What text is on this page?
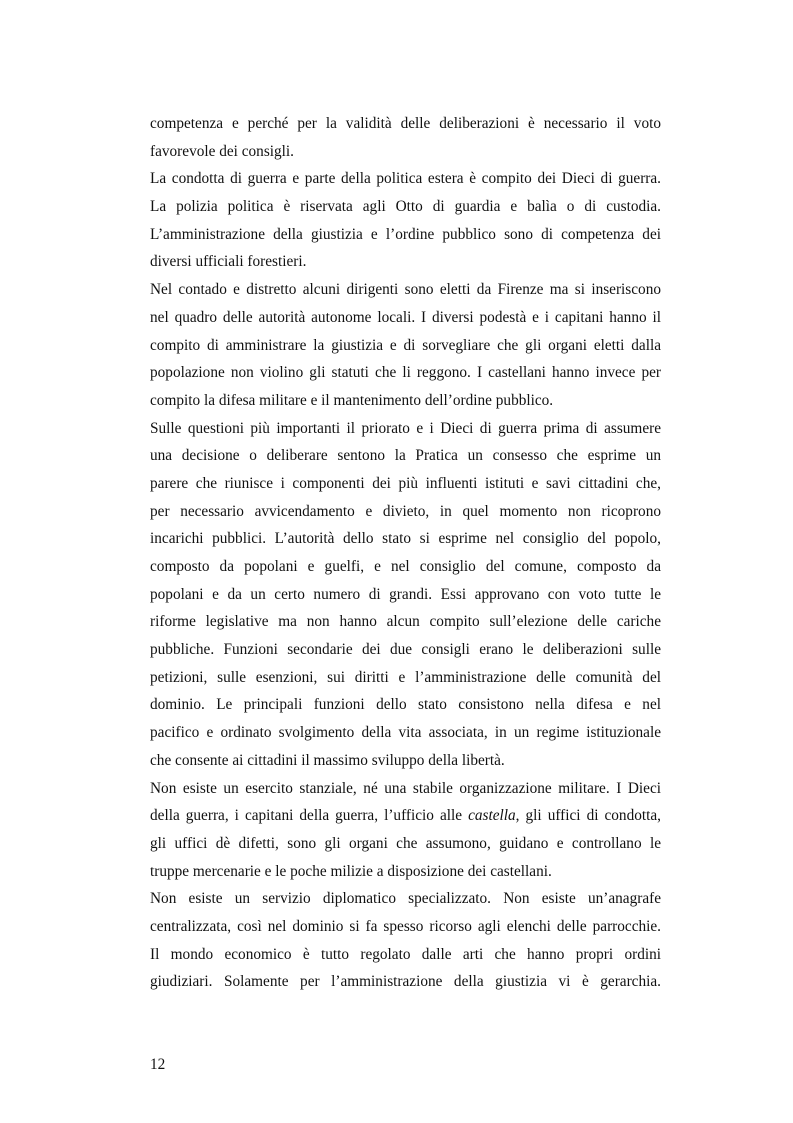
competenza e perché per la validità delle deliberazioni è necessario il voto
favorevole dei consigli.

La condotta di guerra e parte della politica estera è compito dei Dieci di guerra.
La polizia politica è riservata agli Otto di guardia e balìa o di custodia.
L’amministrazione della giustizia e l’ordine pubblico sono di competenza dei
diversi ufficiali forestieri.

Nel contado e distretto alcuni dirigenti sono eletti da Firenze ma si inseriscono
nel quadro delle autorità autonome locali. I diversi podestà e i capitani hanno il
compito di amministrare la giustizia e di sorvegliare che gli organi eletti dalla
popolazione non violino gli statuti che li reggono. I castellani hanno invece per
compito la difesa militare e il mantenimento dell’ordine pubblico.

Sulle questioni più importanti il priorato e i Dieci di guerra prima di assumere
una decisione o deliberare sentono la Pratica un consesso che esprime un
parere che riunisce i componenti dei più influenti istituti e savi cittadini che,
per necessario avvicendamento e divieto, in quel momento non ricoprono
incarichi pubblici. L’autorità dello stato si esprime nel consiglio del popolo,
composto da popolani e guelfi, e nel consiglio del comune, composto da
popolani e da un certo numero di grandi. Essi approvano con voto tutte le
riforme legislative ma non hanno alcun compito sull’elezione delle cariche
pubbliche. Funzioni secondarie dei due consigli erano le deliberazioni sulle
petizioni, sulle esenzioni, sui diritti e l’amministrazione delle comunità del
dominio. Le principali funzioni dello stato consistono nella difesa e nel
pacifico e ordinato svolgimento della vita associata, in un regime istituzionale
che consente ai cittadini il massimo sviluppo della libertà.

Non esiste un esercito stanziale, né una stabile organizzazione militare. I Dieci
della guerra, i capitani della guerra, l’ufficio alle castella, gli uffici di condotta,
gli uffici dè difetti, sono gli organi che assumono, guidano e controllano le
truppe mercenarie e le poche milizie a disposizione dei castellani.

Non esiste un servizio diplomatico specializzato. Non esiste un’anagrafe
centralizzata, così nel dominio si fa spesso ricorso agli elenchi delle parrocchie.
Il mondo economico è tutto regolato dalle arti che hanno propri ordini
giudiziari. Solamente per l’amministrazione della giustizia vi è gerarchia.

12
